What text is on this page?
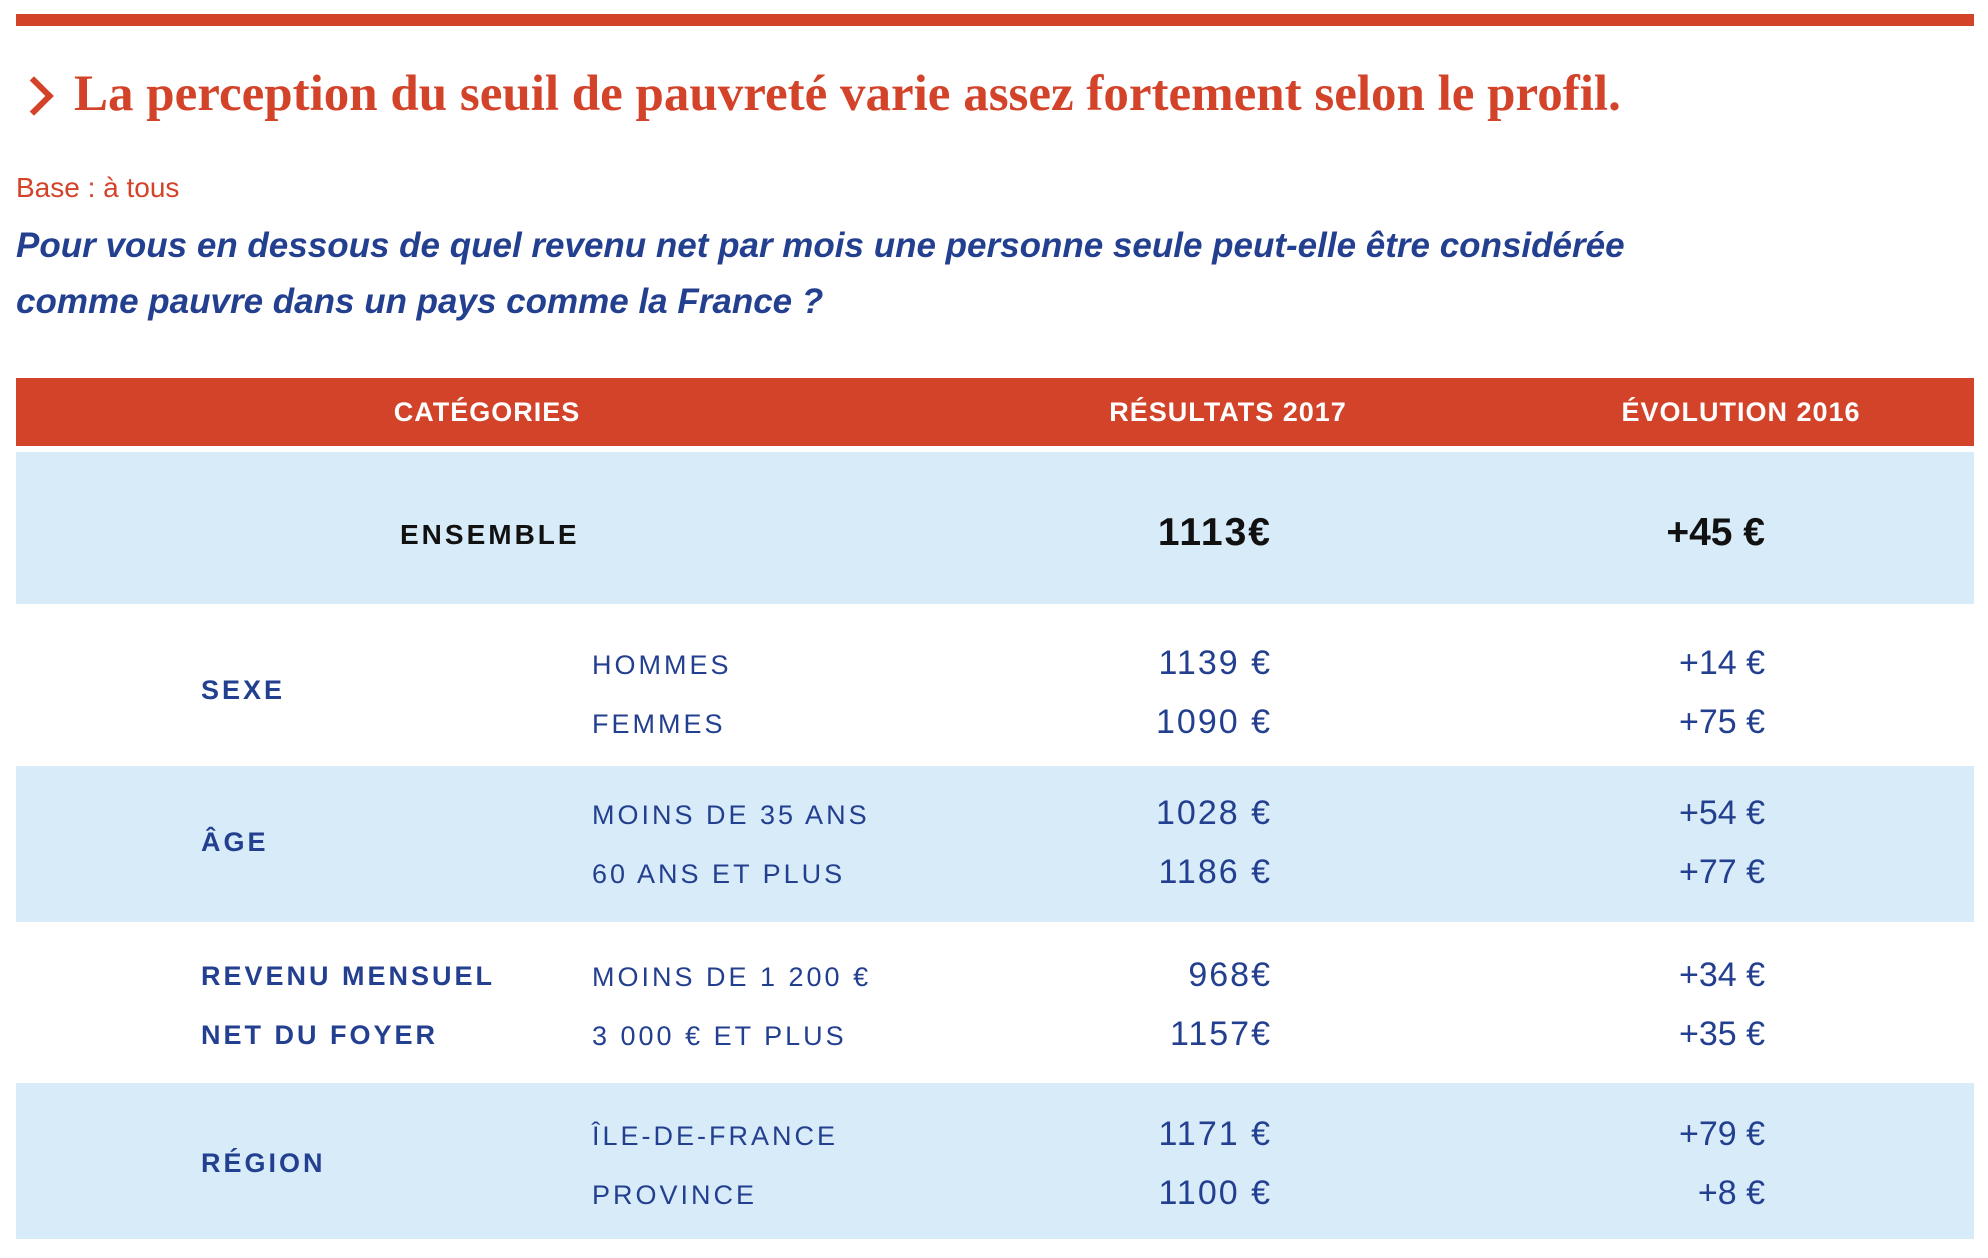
La perception du seuil de pauvreté varie assez fortement selon le profil.
Base : à tous
Pour vous en dessous de quel revenu net par mois une personne seule peut-elle être considérée
comme pauvre dans un pays comme la France ?
CATÉGORIES	RÉSULTATS 2017	ÉVOLUTION 2016
ENSEMBLE	1113€	+45 €
SEXE
HOMMES	1139 €	+14 €
FEMMES	1090 €	+75 €
ÂGE
MOINS DE 35 ANS	1028 €	+54 €
60 ANS ET PLUS	1186 €	+77 €
REVENU MENSUEL
NET DU FOYER
MOINS DE 1 200 €	968€	+34 €
3 000 € ET PLUS	1157€	+35 €
RÉGION
ÎLE-DE-FRANCE	1171 €	+79 €
PROVINCE	1100 €	+8 €
